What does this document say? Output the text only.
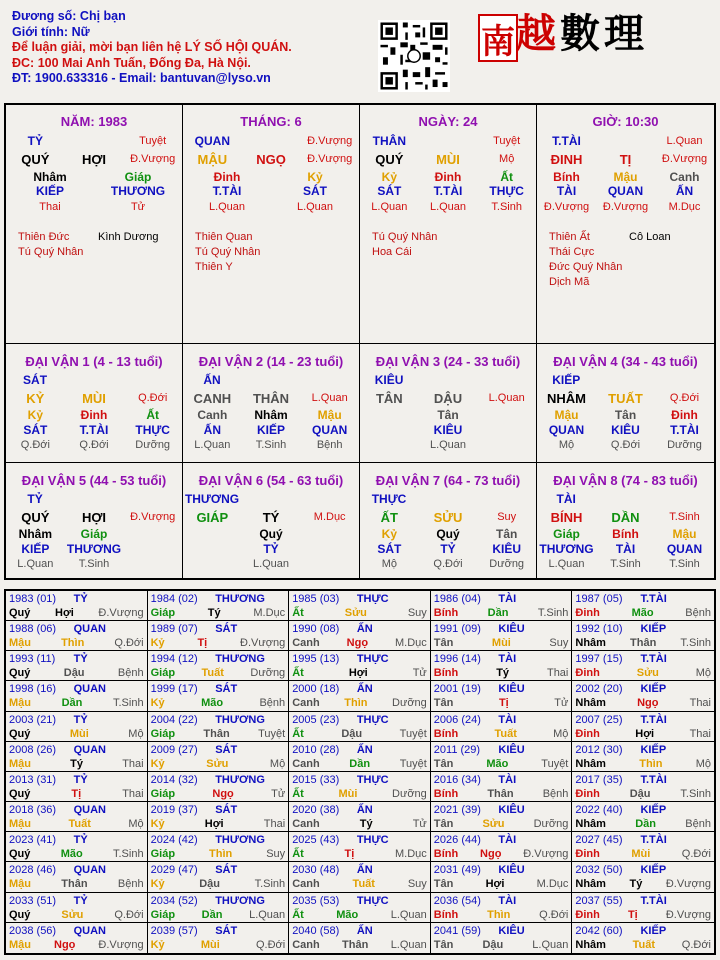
Đương số: Chị bạn
Giới tính: Nữ
Để luận giải, mời bạn liên hệ LÝ SỐ HỘI QUÁN.
ĐC: 100 Mai Anh Tuấn, Đống Đa, Hà Nội.
ĐT: 1900.633316 - Email: bantuvan@lyso.vn
南 越數理
NĂM: 1983
TỶ	Tuyệt
QUÝ	HỢI	Đ.Vượng
Nhâm	Giáp
KIẾP	THƯƠNG
Thai	Tử
Thiên Đức
Tú Quý Nhân
Kình Dương
THÁNG: 6
QUAN	Đ.Vượng
MẬU	NGỌ	Đ.Vượng
Đinh	Kỷ
T.TÀI	SÁT
L.Quan	L.Quan
Thiên Quan
Tú Quý Nhân
Thiên Y
NGÀY: 24
THÂN	Tuyệt
QUÝ	MÙI	Mộ
Kỷ	Đinh	Ất
SÁT	T.TÀI	THỰC
L.Quan	L.Quan	T.Sinh
Tú Quý Nhân
Hoa Cái
GIỜ: 10:30
T.TÀI	L.Quan
ĐINH	TỊ	Đ.Vượng
Bính	Mậu	Canh
TÀI	QUAN	ẤN
Đ.Vượng	Đ.Vượng	M.Dục
Thiên Ất
Thái Cực
Đức Quý Nhân
Dịch Mã
Cô Loan
ĐẠI VẬN 1 (4 - 13 tuổi)
SÁT
KỶ	MÙI	Q.Đới
Kỷ	Đinh	Ất
SÁT	T.TÀI	THỰC
Q.Đới	Q.Đới	Dưỡng
ĐẠI VẬN 2 (14 - 23 tuổi)
ẤN
CANH	THÂN	L.Quan
Canh	Nhâm	Mậu
ẤN	KIẾP	QUAN
L.Quan	T.Sinh	Bệnh
ĐẠI VẬN 3 (24 - 33 tuổi)
KIÊU
TÂN	DẬU	L.Quan
Tân
KIÊU
L.Quan
ĐẠI VẬN 4 (34 - 43 tuổi)
KIẾP
NHÂM	TUẤT	Q.Đới
Mậu	Tân	Đinh
QUAN	KIÊU	T.TÀI
Mộ	Q.Đới	Dưỡng
ĐẠI VẬN 5 (44 - 53 tuổi)
TỶ
QUÝ	HỢI	Đ.Vượng
Nhâm	Giáp
KIẾP	THƯƠNG
L.Quan	T.Sinh
ĐẠI VẬN 6 (54 - 63 tuổi)
THƯƠNG
GIÁP	TÝ	M.Dục
Quý
TỶ
L.Quan
ĐẠI VẬN 7 (64 - 73 tuổi)
THỰC
ẤT	SỬU	Suy
Kỷ	Quý	Tân
SÁT	TỶ	KIÊU
Mộ	Q.Đới	Dưỡng
ĐẠI VẬN 8 (74 - 83 tuổi)
TÀI
BÍNH	DẦN	T.Sinh
Giáp	Bính	Mậu
THƯƠNG	TÀI	QUAN
L.Quan	T.Sinh	T.Sinh
1983 (01)	TỶ
Quý Hợi Đ.Vượng
1984 (02)	THƯƠNG
Giáp	Tý	M.Dục
1985 (03)	THỰC
Ất	Sửu	Suy
1986 (04)	TÀI
Bính	Dần	T.Sinh
1987 (05)	T.TÀI
Đinh	Mão	Bệnh
1988 (06)	QUAN
Mậu	Thìn	Q.Đới
1989 (07)	SÁT
Kỷ	Tị	Đ.Vượng
1990 (08)	ẤN
Canh Ngọ M.Dục
1991 (09)	KIÊU
Tân	Mùi	Suy
1992 (10)	KIẾP
Nhâm Thân T.Sinh
1993 (11)	TỶ
Quý	Dậu	Bệnh
1994 (12)	THƯƠNG
Giáp Tuất Dưỡng
1995 (13)	THỰC
Ất	Hợi	Tử
1996 (14)	TÀI
Bính	Tý	Thai
1997 (15)	T.TÀI
Đinh	Sửu	Mộ
1998 (16)	QUAN
Mậu	Dần	T.Sinh
1999 (17)	SÁT
Kỷ	Mão	Bệnh
2000 (18)	ẤN
Canh Thìn Dưỡng
2001 (19)	KIÊU
Tân	Tị	Tử
2002 (20)	KIẾP
Nhâm	Ngọ	Thai
2003 (21)	TỶ
Quý	Mùi	Mộ
2004 (22)	THƯƠNG
Giáp	Thân	Tuyệt
2005 (23)	THỰC
Ất	Dậu	Tuyệt
2006 (24)	TÀI
Bính	Tuất	Mộ
2007 (25)	T.TÀI
Đinh	Hợi	Thai
2008 (26)	QUAN
Mậu	Tý	Thai
2009 (27)	SÁT
Kỷ	Sửu	Mộ
2010 (28)	ẤN
Canh	Dần	Tuyệt
2011 (29)	KIÊU
Tân	Mão	Tuyệt
2012 (30)	KIẾP
Nhâm	Thìn	Mộ
2013 (31)	TỶ
Quý	Tị	Thai
2014 (32)	THƯƠNG
Giáp	Ngọ	Tử
2015 (33)	THỰC
Ất	Mùi	Dưỡng
2016 (34)	TÀI
Bính	Thân	Bệnh
2017 (35)	T.TÀI
Đinh	Dậu	T.Sinh
2018 (36)	QUAN
Mậu	Tuất	Mộ
2019 (37)	SÁT
Kỷ	Hợi	Thai
2020 (38)	ẤN
Canh	Tý	Tử
2021 (39)	KIÊU
Tân	Sửu	Dưỡng
2022 (40)	KIẾP
Nhâm	Dần	Bệnh
2023 (41)	TỶ
Quý	Mão	T.Sinh
2024 (42)	THƯƠNG
Giáp	Thìn	Suy
2025 (43)	THỰC
Ất	Tị	M.Dục
2026 (44)	TÀI
Bính Ngọ Đ.Vượng
2027 (45)	T.TÀI
Đinh	Mùi	Q.Đới
2028 (46)	QUAN
Mậu	Thân	Bệnh
2029 (47)	SÁT
Kỷ	Dậu	T.Sinh
2030 (48)	ẤN
Canh	Tuất	Suy
2031 (49)	KIÊU
Tân	Hợi	M.Dục
2032 (50)	KIẾP
Nhâm Tý Đ.Vượng
2033 (51)	TỶ
Quý	Sửu	Q.Đới
2034 (52)	THƯƠNG
Giáp Dần L.Quan
2035 (53)	THỰC
Ất	Mão	L.Quan
2036 (54)	TÀI
Bính	Thìn	Q.Đới
2037 (55)	T.TÀI
Đinh	Tị	Đ.Vượng
2038 (56)	QUAN
Mậu Ngọ Đ.Vượng
2039 (57)	SÁT
Kỷ	Mùi	Q.Đới
2040 (58)	ẤN
Canh Thân L.Quan
2041 (59)	KIÊU
Tân	Dậu	L.Quan
2042 (60)	KIẾP
Nhâm Tuất Q.Đới
